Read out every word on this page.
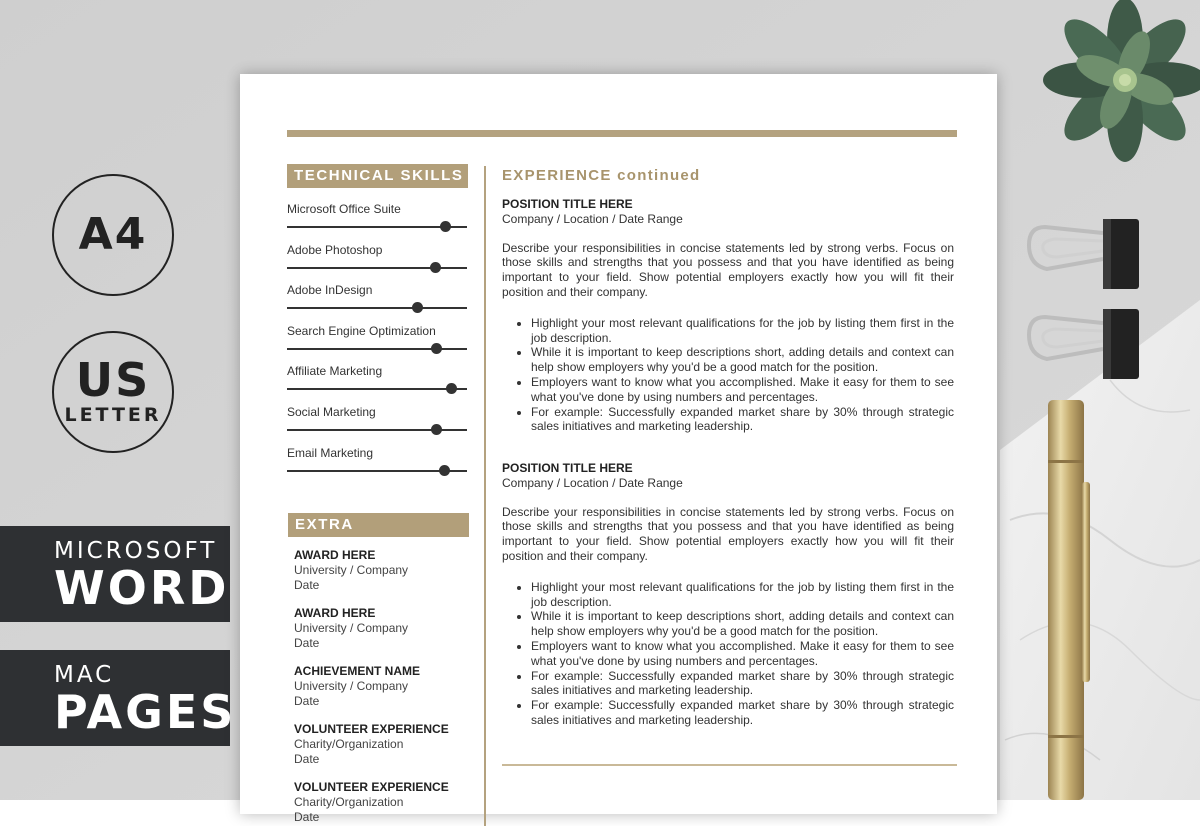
A4
US
LETTER
MICROSOFT
WORD
MAC
PAGES
TECHNICAL SKILLS
Microsoft Office Suite
Adobe Photoshop
Adobe InDesign
Search Engine Optimization
Affiliate Marketing
Social Marketing
Email Marketing
EXTRA
AWARD HERE
University / Company
Date
AWARD HERE
University / Company
Date
ACHIEVEMENT NAME
University / Company
Date
VOLUNTEER EXPERIENCE
Charity/Organization
Date
VOLUNTEER EXPERIENCE
Charity/Organization
Date
EXPERIENCE continued
POSITION TITLE HERE
Company / Location / Date Range
Describe your responsibilities in concise statements led by strong verbs. Focus on those skills and strengths that you possess and that you have identified as being important to your field. Show potential employers exactly how you will fit their position and their company.
• Highlight your most relevant qualifications for the job by listing them first in the job description.
• While it is important to keep descriptions short, adding details and context can help show employers why you'd be a good match for the position.
• Employers want to know what you accomplished. Make it easy for them to see what you've done by using numbers and percentages.
• For example: Successfully expanded market share by 30% through strategic sales initiatives and marketing leadership.
POSITION TITLE HERE
Company / Location / Date Range
Describe your responsibilities in concise statements led by strong verbs. Focus on those skills and strengths that you possess and that you have identified as being important to your field. Show potential employers exactly how you will fit their position and their company.
• Highlight your most relevant qualifications for the job by listing them first in the job description.
• While it is important to keep descriptions short, adding details and context can help show employers why you'd be a good match for the position.
• Employers want to know what you accomplished. Make it easy for them to see what you've done by using numbers and percentages.
• For example: Successfully expanded market share by 30% through strategic sales initiatives and marketing leadership.
• For example: Successfully expanded market share by 30% through strategic sales initiatives and marketing leadership.
